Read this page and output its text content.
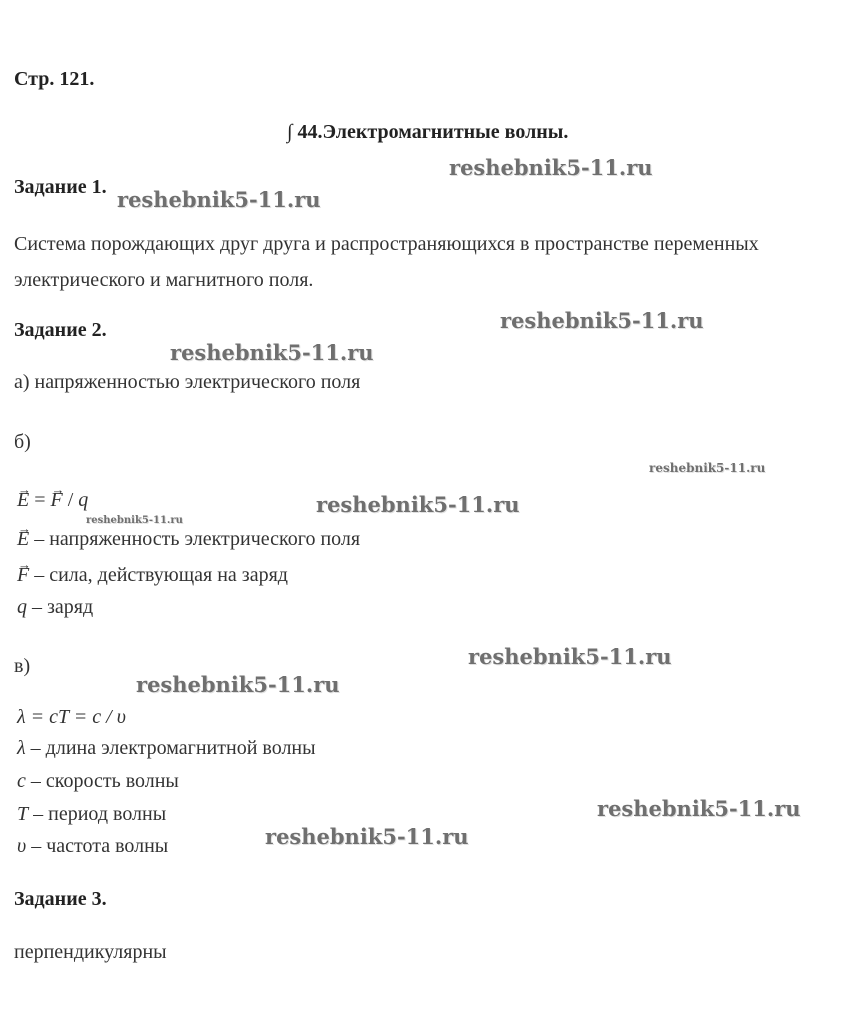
Стр. 121.
∫ 44.Электромагнитные волны.
Задание 1.
Система порождающих друг друга и распространяющихся в пространстве переменных электрического и магнитного поля.
Задание 2.
а) напряженностью электрического поля
б)
→ E = → F / q
→ E – напряженность электрического поля
→ F – сила, действующая на заряд
q – заряд
в)
λ = cT = c / υ
λ – длина электромагнитной волны
c – скорость волны
T – период волны
υ – частота волны
Задание 3.
перпендикулярны
reshebnik5-11.ru
reshebnik5-11.ru
reshebnik5-11.ru
reshebnik5-11.ru
reshebnik5-11.ru
reshebnik5-11.ru
reshebnik5-11.ru
reshebnik5-11.ru
reshebnik5-11.ru
reshebnik5-11.ru
reshebnik5-11.ru
